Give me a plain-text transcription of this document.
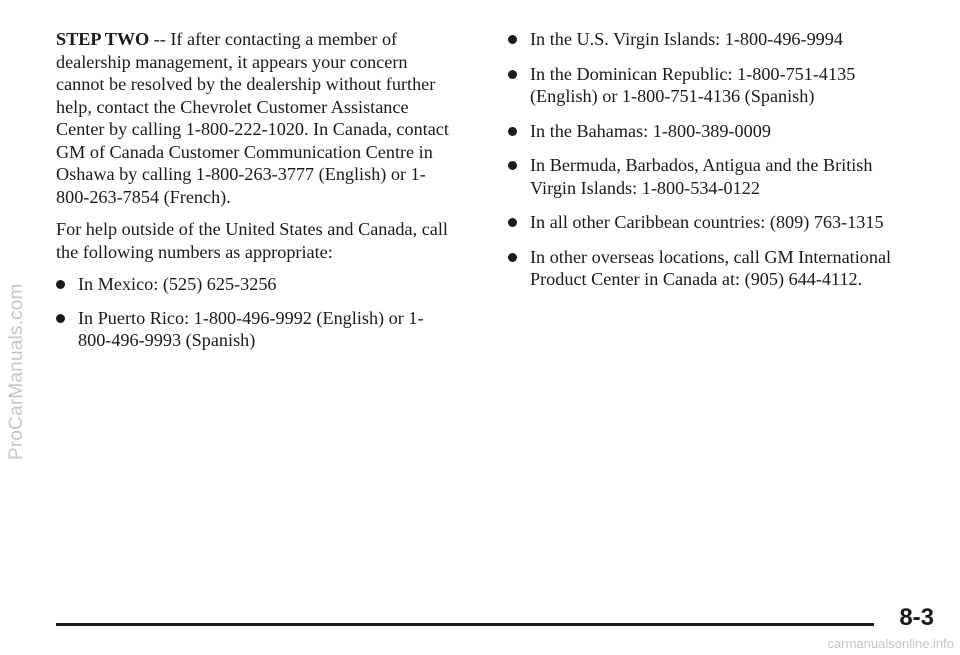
ProCarManuals.com

STEP TWO -- If after contacting a member of dealership management, it appears your concern cannot be resolved by the dealership without further help, contact the Chevrolet Customer Assistance Center by calling 1-800-222-1020. In Canada, contact GM of Canada Customer Communication Centre in Oshawa by calling 1-800-263-3777 (English) or 1-800-263-7854 (French).

For help outside of the United States and Canada, call the following numbers as appropriate:

In Mexico: (525) 625-3256
In Puerto Rico: 1-800-496-9992 (English) or 1-800-496-9993 (Spanish)
In the U.S. Virgin Islands: 1-800-496-9994
In the Dominican Republic: 1-800-751-4135 (English) or 1-800-751-4136 (Spanish)
In the Bahamas: 1-800-389-0009
In Bermuda, Barbados, Antigua and the British Virgin Islands: 1-800-534-0122
In all other Caribbean countries: (809) 763-1315
In other overseas locations, call GM International Product Center in Canada at: (905) 644-4112.
8-3
carmanualsonline.info
